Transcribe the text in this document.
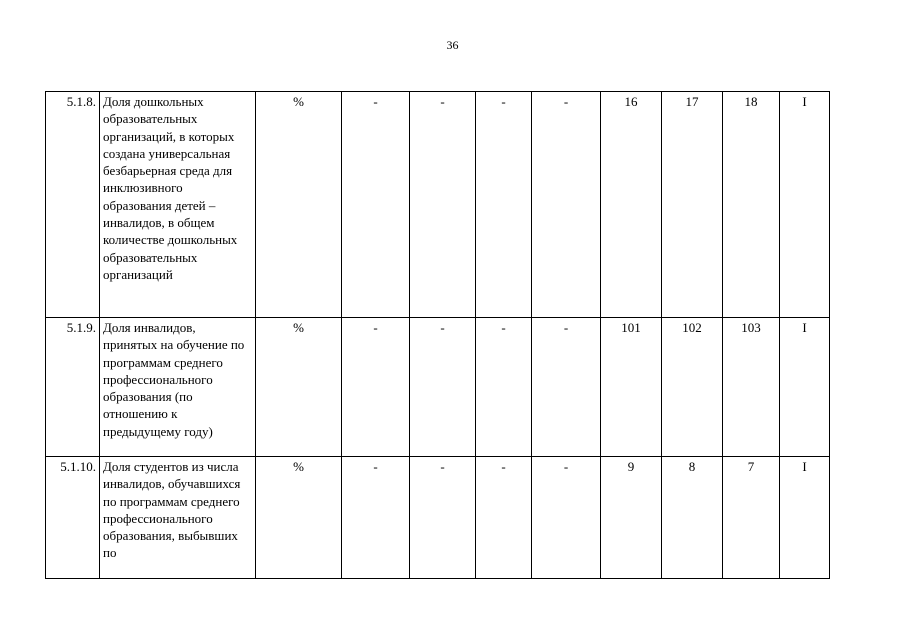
36
5.1.8.	Доля дошкольных образовательных организаций, в которых создана универсальная безбарьерная среда для инклюзивного образования детей – инвалидов, в общем количестве дошкольных образовательных организаций	%	-	-	-	-	16	17	18	I
5.1.9.	Доля инвалидов, принятых на обучение по программам среднего профессионального образования (по отношению к предыдущему году)	%	-	-	-	-	101	102	103	I
5.1.10.	Доля студентов из числа инвалидов, обучавшихся по программам среднего профессионального образования, выбывших по	%	-	-	-	-	9	8	7	I
